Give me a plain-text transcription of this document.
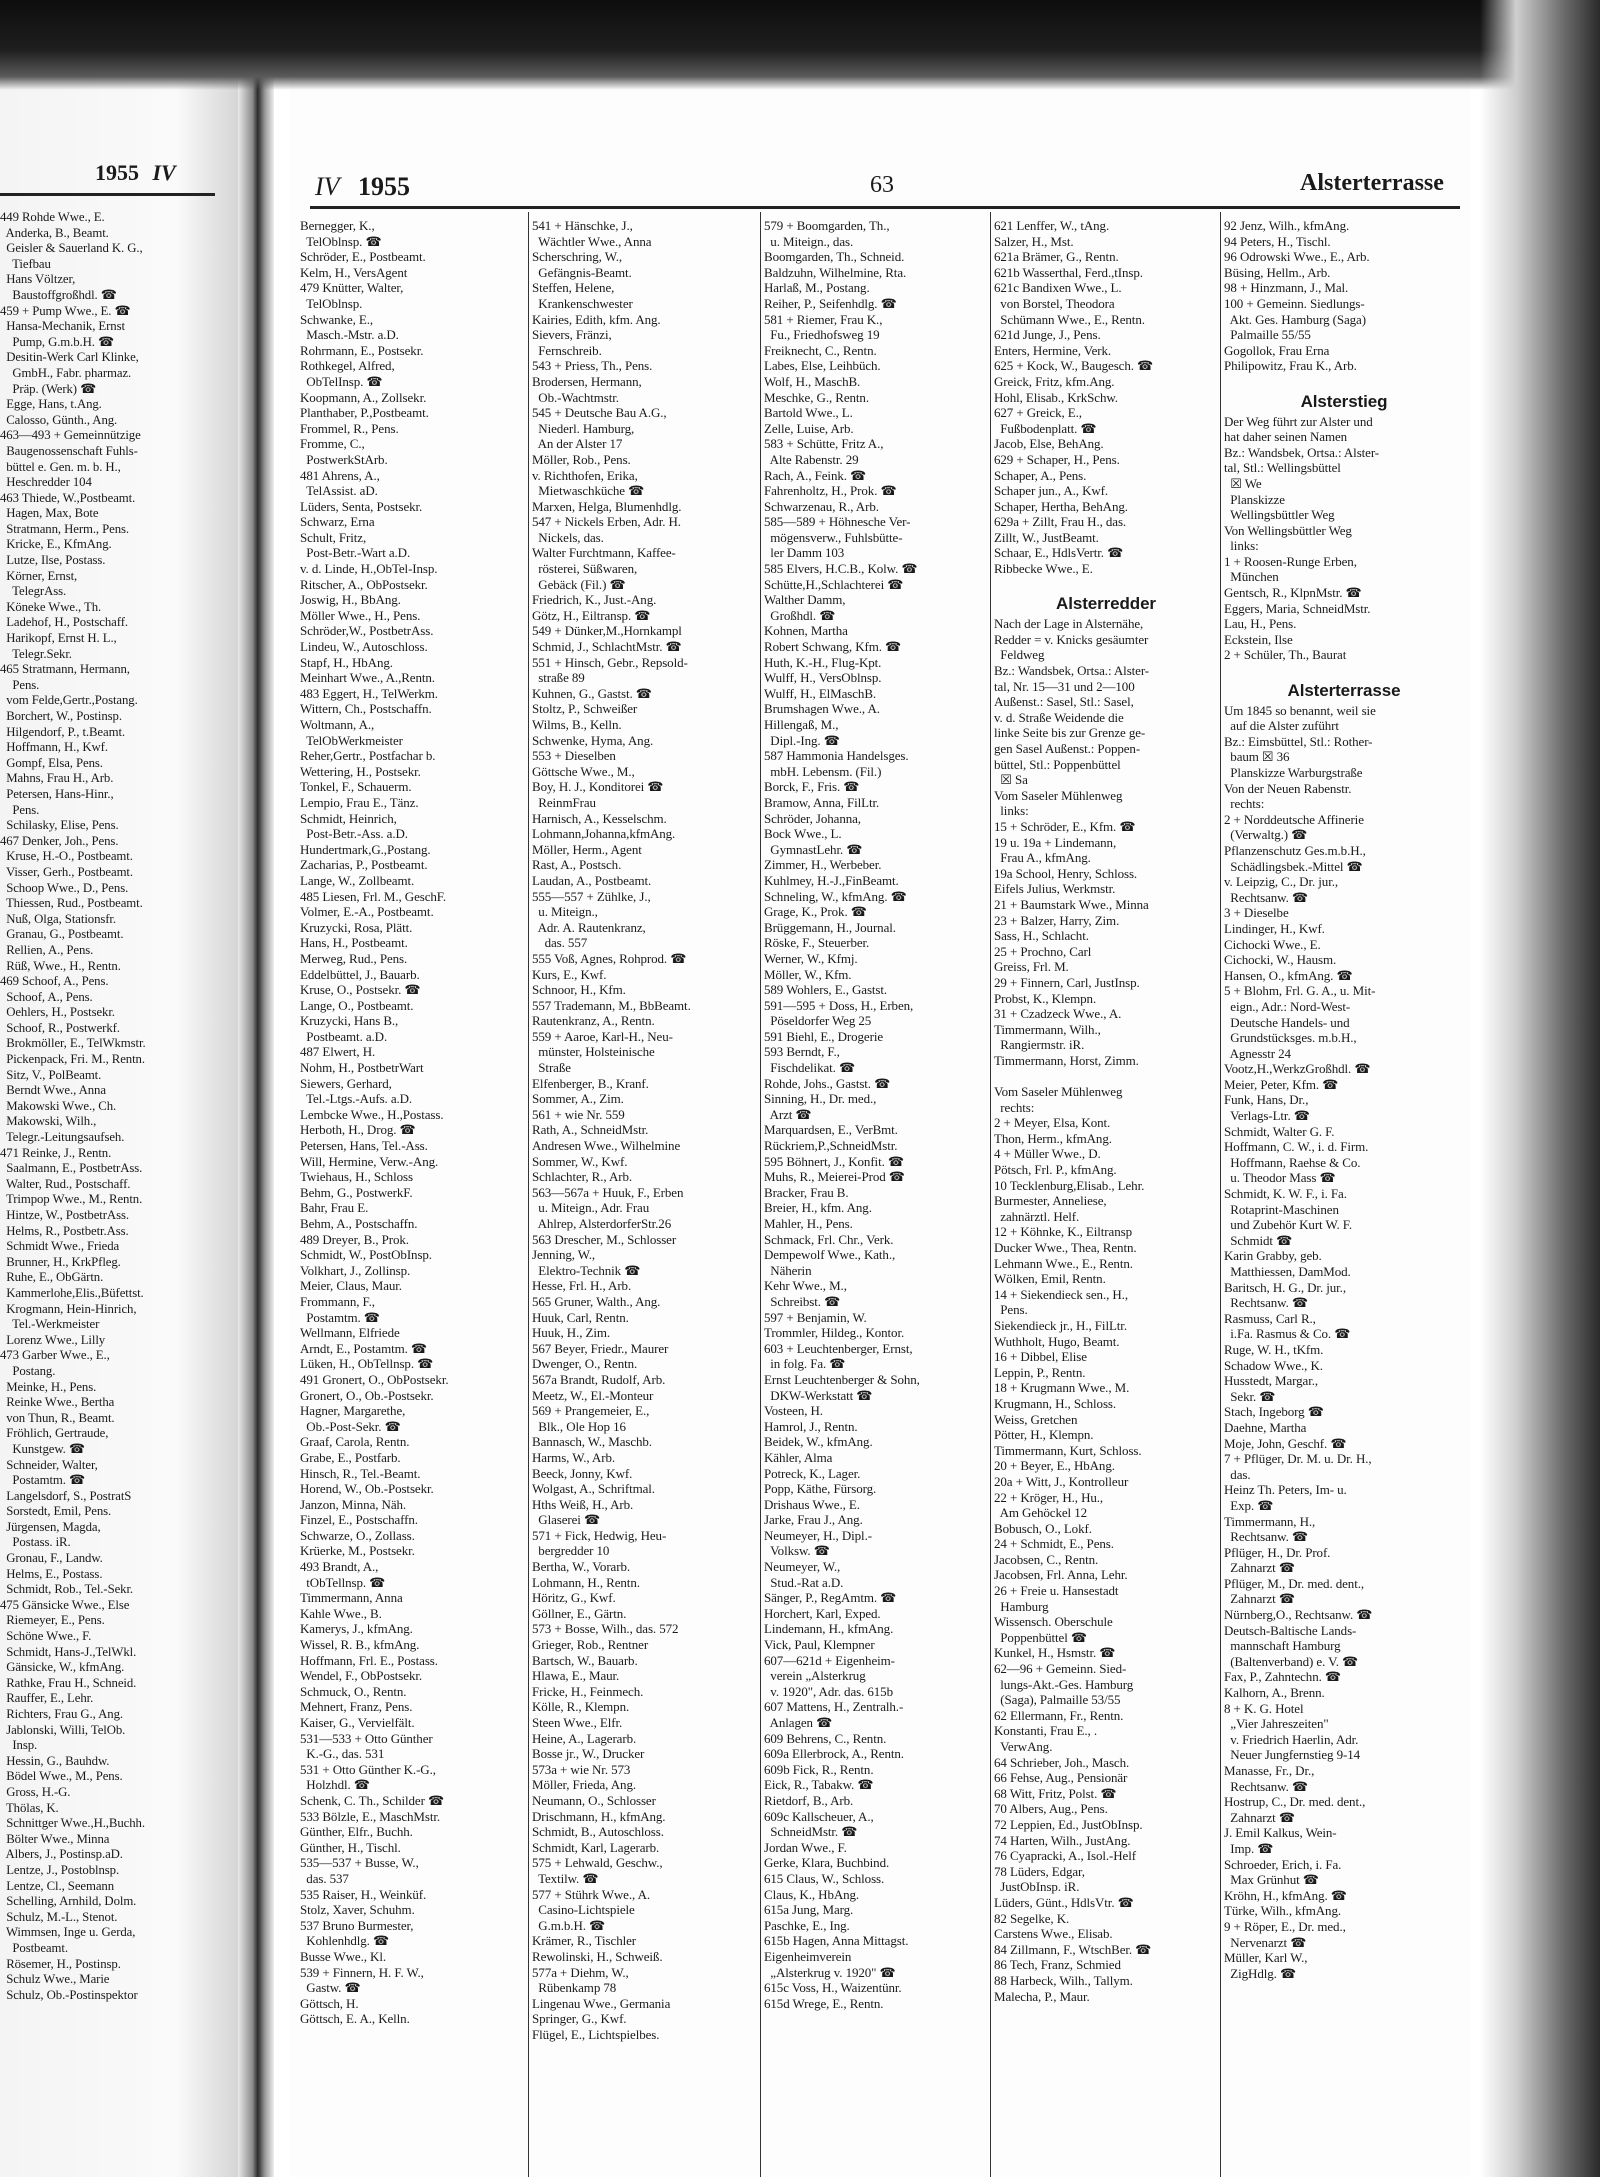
1955 IV
449 Rohde Wwe., E.
Anderka, B., Beamt.
Geisler & Sauerland K. G.,
Tiefbau
Hans Völtzer,
Baustoffgroßhdl. ☎
459 + Pump Wwe., E. ☎
Hansa-Mechanik, Ernst
Pump, G.m.b.H. ☎
Desitin-Werk Carl Klinke,
GmbH., Fabr. pharmaz.
Präp. (Werk) ☎
Egge, Hans, t.Ang.
Calosso, Günth., Ang.
463—493 + Gemeinnützige
Baugenossenschaft Fuhls-
büttel e. Gen. m. b. H.,
Heschredder 104
463 Thiede, W.,Postbeamt.
Hagen, Max, Bote
Stratmann, Herm., Pens.
Kricke, E., KfmAng.
Lutze, Ilse, Postass.
Körner, Ernst,
TelegrAss.
Köneke Wwe., Th.
Ladehof, H., Postschaff.
Harikopf, Ernst H. L.,
Telegr.Sekr.
465 Stratmann, Hermann,
Pens.
vom Felde,Gertr.,Postang.
Borchert, W., Postinsp.
Hilgendorf, P., t.Beamt.
Hoffmann, H., Kwf.
Gompf, Elsa, Pens.
Mahns, Frau H., Arb.
Petersen, Hans-Hinr.,
Pens.
Schilasky, Elise, Pens.
467 Denker, Joh., Pens.
Kruse, H.-O., Postbeamt.
Visser, Gerh., Postbeamt.
Schoop Wwe., D., Pens.
Thiessen, Rud., Postbeamt.
Nuß, Olga, Stationsfr.
Granau, G., Postbeamt.
Rellien, A., Pens.
Rüß, Wwe., H., Rentn.
469 Schoof, A., Pens.
Schoof, A., Pens.
Oehlers, H., Postsekr.
Schoof, R., Postwerkf.
Brokmöller, E., TelWkmstr.
Pickenpack, Fri. M., Rentn.
Sitz, V., PolBeamt.
Berndt Wwe., Anna
Makowski Wwe., Ch.
Makowski, Wilh.,
Telegr.-Leitungsaufseh.
471 Reinke, J., Rentn.
Saalmann, E., PostbetrAss.
Walter, Rud., Postschaff.
Trimpop Wwe., M., Rentn.
Hintze, W., PostbetrAss.
Helms, R., Postbetr.Ass.
Schmidt Wwe., Frieda
Brunner, H., KrkPfleg.
Ruhe, E., ObGärtn.
Kammerlohe,Elis.,Büfettst.
Krogmann, Hein-Hinrich,
Tel.-Werkmeister
Lorenz Wwe., Lilly
473 Garber Wwe., E.,
Postang.
Meinke, H., Pens.
Reinke Wwe., Bertha
von Thun, R., Beamt.
Fröhlich, Gertraude,
Kunstgew. ☎
Schneider, Walter,
Postamtm. ☎
Langelsdorf, S., PostratS
Sorstedt, Emil, Pens.
Jürgensen, Magda,
Postass. iR.
Gronau, F., Landw.
Helms, E., Postass.
Schmidt, Rob., Tel.-Sekr.
475 Gänsicke Wwe., Else
Riemeyer, E., Pens.
Schöne Wwe., F.
Schmidt, Hans-J.,TelWkl.
Gänsicke, W., kfmAng.
Rathke, Frau H., Schneid.
Rauffer, E., Lehr.
Richters, Frau G., Ang.
Jablonski, Willi, TelOb.
Insp.
Hessin, G., Bauhdw.
Bödel Wwe., M., Pens.
Gross, H.-G.
Thölas, K.
Schnittger Wwe.,H.,Buchh.
Bölter Wwe., Minna
Albers, J., Postinsp.aD.
Lentze, J., Postoblnsp.
Lentze, Cl., Seemann
Schelling, Arnhild, Dolm.
Schulz, M.-L., Stenot.
Wimmsen, Inge u. Gerda,
Postbeamt.
Rösemer, H., Postinsp.
Schulz Wwe., Marie
Schulz, Ob.-Postinspektor
IV 1955	63	Alsterterrasse
Bernegger, K.,
TelOblnsp. ☎
Schröder, E., Postbeamt.
Kelm, H., VersAgent
479 Knütter, Walter,
TelOblnsp.
Schwanke, E.,
Masch.-Mstr. a.D.
Rohrmann, E., Postsekr.
Rothkegel, Alfred,
ObTelInsp. ☎
Koopmann, A., Zollsekr.
Planthaber, P.,Postbeamt.
Frommel, R., Pens.
Fromme, C.,
PostwerkStArb.
481 Ahrens, A.,
TelAssist. aD.
Lüders, Senta, Postsekr.
Schwarz, Erna
Schult, Fritz,
Post-Betr.-Wart a.D.
v. d. Linde, H.,ObTel-Insp.
Ritscher, A., ObPostsekr.
Joswig, H., BbAng.
Möller Wwe., H., Pens.
Schröder,W., PostbetrAss.
Lindeu, W., Autoschloss.
Stapf, H., HbAng.
Meinhart Wwe., A.,Rentn.
483 Eggert, H., TelWerkm.
Wittern, Ch., Postschaffn.
Woltmann, A.,
TelObWerkmeister
Reher,Gertr., Postfachar b.
Wettering, H., Postsekr.
Tonkel, F., Schauerm.
Lempio, Frau E., Tänz.
Schmidt, Heinrich,
Post-Betr.-Ass. a.D.
Hundertmark,G.,Postang.
Zacharias, P., Postbeamt.
Lange, W., Zollbeamt.
485 Liesen, Frl. M., GeschF.
Volmer, E.-A., Postbeamt.
Kruzycki, Rosa, Plätt.
Hans, H., Postbeamt.
Merweg, Rud., Pens.
Eddelbüttel, J., Bauarb.
Kruse, O., Postsekr. ☎
Lange, O., Postbeamt.
Kruzycki, Hans B.,
Postbeamt. a.D.
487 Elwert, H.
Nohm, H., PostbetrWart
Siewers, Gerhard,
Tel.-Ltgs.-Aufs. a.D.
Lembcke Wwe., H.,Postass.
Herboth, H., Drog. ☎
Petersen, Hans, Tel.-Ass.
Will, Hermine, Verw.-Ang.
Twiehaus, H., Schloss
Behm, G., PostwerkF.
Bahr, Frau E.
Behm, A., Postschaffn.
489 Dreyer, B., Prok.
Schmidt, W., PostObInsp.
Volkhart, J., Zollinsp.
Meier, Claus, Maur.
Frommann, F.,
Postamtm. ☎
Wellmann, Elfriede
Arndt, E., Postamtm. ☎
Lüken, H., ObTellnsp. ☎
491 Gronert, O., ObPostsekr.
Gronert, O., Ob.-Postsekr.
Hagner, Margarethe,
Ob.-Post-Sekr. ☎
Graaf, Carola, Rentn.
Grabe, E., Postfarb.
Hinsch, R., Tel.-Beamt.
Horend, W., Ob.-Postsekr.
Janzon, Minna, Näh.
Finzel, E., Postschaffn.
Schwarze, O., Zollass.
Krüerke, M., Postsekr.
493 Brandt, A.,
tObTellnsp. ☎
Timmermann, Anna
Kahle Wwe., B.
Kamerys, J., kfmAng.
Wissel, R. B., kfmAng.
Hoffmann, Frl. E., Postass.
Wendel, F., ObPostsekr.
Schmuck, O., Rentn.
Mehnert, Franz, Pens.
Kaiser, G., Vervielfält.
531—533 + Otto Günther
K.-G., das. 531
531 + Otto Günther K.-G.,
Holzhdl. ☎
Schenk, C. Th., Schilder ☎
533 Bölzle, E., MaschMstr.
Günther, Elfr., Buchh.
Günther, H., Tischl.
535—537 + Busse, W.,
das. 537
535 Raiser, H., Weinküf.
Stolz, Xaver, Schuhm.
537 Bruno Burmester,
Kohlenhdlg. ☎
Busse Wwe., Kl.
539 + Finnern, H. F. W.,
Gastw. ☎
Göttsch, H.
Göttsch, E. A., Kelln.
541 + Hänschke, J.,
Wächtler Wwe., Anna
Scherschring, W.,
Gefängnis-Beamt.
Steffen, Helene,
Krankenschwester
Kairies, Edith, kfm. Ang.
Sievers, Fränzi,
Fernschreib.
543 + Priess, Th., Pens.
Brodersen, Hermann,
Ob.-Wachtmstr.
545 + Deutsche Bau A.G.,
Niederl. Hamburg,
An der Alster 17
Möller, Rob., Pens.
v. Richthofen, Erika,
Mietwaschküche ☎
Marxen, Helga, Blumenhdlg.
547 + Nickels Erben, Adr. H.
Nickels, das.
Walter Furchtmann, Kaffee-
rösterei, Süßwaren,
Gebäck (Fil.) ☎
Friedrich, K., Just.-Ang.
Götz, H., Eiltransp. ☎
549 + Dünker,M.,Hornkampl
Schmid, J., SchlachtMstr. ☎
551 + Hinsch, Gebr., Repsold-
straße 89
Kuhnen, G., Gastst. ☎
Stoltz, P., Schweißer
Wilms, B., Kelln.
Schwenke, Hyma, Ang.
553 + Dieselben
Göttsche Wwe., M.,
Boy, H. J., Konditorei ☎
ReinmFrau
Harnisch, A., Kesselschm.
Lohmann,Johanna,kfmAng.
Möller, Herm., Agent
Rast, A., Postsch.
Laudan, A., Postbeamt.
555—557 + Zühlke, J.,
u. Miteign.,
Adr. A. Rautenkranz,
das. 557
555 Voß, Agnes, Rohprod. ☎
Kurs, E., Kwf.
Schnoor, H., Kfm.
557 Trademann, M., BbBeamt.
Rautenkranz, A., Rentn.
559 + Aaroe, Karl-H., Neu-
münster, Holsteinische
Straße
Elfenberger, B., Kranf.
Sommer, A., Zim.
561 + wie Nr. 559
Rath, A., SchneidMstr.
Andresen Wwe., Wilhelmine
Sommer, W., Kwf.
Schlachter, R., Arb.
563—567a + Huuk, F., Erben
u. Miteign., Adr. Frau
Ahlrep, AlsterdorferStr.26
563 Drescher, M., Schlosser
Jenning, W.,
Elektro-Technik ☎
Hesse, Frl. H., Arb.
565 Gruner, Walth., Ang.
Huuk, Carl, Rentn.
Huuk, H., Zim.
567 Beyer, Friedr., Maurer
Dwenger, O., Rentn.
567a Brandt, Rudolf, Arb.
Meetz, W., El.-Monteur
569 + Prangemeier, E.,
Blk., Ole Hop 16
Bannasch, W., Maschb.
Harms, W., Arb.
Beeck, Jonny, Kwf.
Wolgast, A., Schriftmal.
Hths Weiß, H., Arb.
Glaserei ☎
571 + Fick, Hedwig, Heu-
bergredder 10
Bertha, W., Vorarb.
Lohmann, H., Rentn.
Höritz, G., Kwf.
Göllner, E., Gärtn.
573 + Bosse, Wilh., das. 572
Grieger, Rob., Rentner
Bartsch, W., Bauarb.
Hlawa, E., Maur.
Fricke, H., Feinmech.
Kölle, R., Klempn.
Steen Wwe., Elfr.
Heine, A., Lagerarb.
Bosse jr., W., Drucker
573a + wie Nr. 573
Möller, Frieda, Ang.
Neumann, O., Schlosser
Drischmann, H., kfmAng.
Schmidt, B., Autoschloss.
Schmidt, Karl, Lagerarb.
575 + Lehwald, Geschw.,
Textilw. ☎
577 + Stührk Wwe., A.
Casino-Lichtspiele
G.m.b.H. ☎
Krämer, R., Tischler
Rewolinski, H., Schweiß.
577a + Diehm, W.,
Rübenkamp 78
Lingenau Wwe., Germania
Springer, G., Kwf.
Flügel, E., Lichtspielbes.
579 + Boomgarden, Th.,
u. Miteign., das.
Boomgarden, Th., Schneid.
Baldzuhn, Wilhelmine, Rta.
Harlaß, M., Postang.
Reiher, P., Seifenhdlg. ☎
581 + Riemer, Frau K.,
Fu., Friedhofsweg 19
Freiknecht, C., Rentn.
Labes, Else, Leihbüch.
Wolf, H., MaschB.
Meschke, G., Rentn.
Bartold Wwe., L.
Zelle, Luise, Arb.
583 + Schütte, Fritz A.,
Alte Rabenstr. 29
Rach, A., Feink. ☎
Fahrenholtz, H., Prok. ☎
Schwarzenau, R., Arb.
585—589 + Höhnesche Ver-
mögensverw., Fuhlsbütte-
ler Damm 103
585 Elvers, H.C.B., Kolw. ☎
Schütte,H.,Schlachterei ☎
Walther Damm,
Großhdl. ☎
Kohnen, Martha
Robert Schwang, Kfm. ☎
Huth, K.-H., Flug-Kpt.
Wulff, H., VersOblnsp.
Wulff, H., ElMaschB.
Brumshagen Wwe., A.
Hillengaß, M.,
Dipl.-Ing. ☎
587 Hammonia Handelsges.
mbH. Lebensm. (Fil.)
Borck, F., Fris. ☎
Bramow, Anna, FilLtr.
Schröder, Johanna,
Bock Wwe., L.
GymnastLehr. ☎
Zimmer, H., Werbeber.
Kuhlmey, H.-J.,FinBeamt.
Schneling, W., kfmAng. ☎
Grage, K., Prok. ☎
Brüggemann, H., Journal.
Röske, F., Steuerber.
Werner, W., Kfmj.
Möller, W., Kfm.
589 Wohlers, E., Gastst.
591—595 + Doss, H., Erben,
Pöseldorfer Weg 25
591 Biehl, E., Drogerie
593 Berndt, F.,
Fischdelikat. ☎
Rohde, Johs., Gastst. ☎
Sinning, H., Dr. med.,
Arzt ☎
Marquardsen, E., VerBmt.
Rückriem,P.,SchneidMstr.
595 Böhnert, J., Konfit. ☎
Muhs, R., Meierei-Prod ☎
Bracker, Frau B.
Breier, H., kfm. Ang.
Mahler, H., Pens.
Schmack, Frl. Chr., Verk.
Dempewolf Wwe., Kath.,
Näherin
Kehr Wwe., M.,
Schreibst. ☎
597 + Benjamin, W.
Trommler, Hildeg., Kontor.
603 + Leuchtenberger, Ernst,
in folg. Fa. ☎
Ernst Leuchtenberger & Sohn,
DKW-Werkstatt ☎
Vosteen, H.
Hamrol, J., Rentn.
Beidek, W., kfmAng.
Kähler, Alma
Potreck, K., Lager.
Popp, Käthe, Fürsorg.
Drishaus Wwe., E.
Jarke, Frau J., Ang.
Neumeyer, H., Dipl.-
Volksw. ☎
Neumeyer, W.,
Stud.-Rat a.D.
Sänger, P., RegAmtm. ☎
Horchert, Karl, Exped.
Lindemann, H., kfmAng.
Vick, Paul, Klempner
607—621d + Eigenheim-
verein „Alsterkrug
v. 1920", Adr. das. 615b
607 Mattens, H., Zentralh.-
Anlagen ☎
609 Behrens, C., Rentn.
609a Ellerbrock, A., Rentn.
609b Fick, R., Rentn.
Eick, R., Tabakw. ☎
Rietdorf, B., Arb.
609c Kallscheuer, A.,
SchneidMstr. ☎
Jordan Wwe., F.
Gerke, Klara, Buchbind.
615 Claus, W., Schloss.
Claus, K., HbAng.
615a Jung, Marg.
Paschke, E., Ing.
615b Hagen, Anna Mittagst.
Eigenheimverein
„Alsterkrug v. 1920" ☎
615c Voss, H., Waizentünr.
615d Wrege, E., Rentn.
621 Lenffer, W., tAng.
Salzer, H., Mst.
621a Brämer, G., Rentn.
621b Wasserthal, Ferd.,tInsp.
621c Bandixen Wwe., L.
von Borstel, Theodora
Schümann Wwe., E., Rentn.
621d Junge, J., Pens.
Enters, Hermine, Verk.
625 + Kock, W., Baugesch. ☎
Greick, Fritz, kfm.Ang.
Hohl, Elisab., KrkSchw.
627 + Greick, E.,
Fußbodenplatt. ☎
Jacob, Else, BehAng.
629 + Schaper, H., Pens.
Schaper, A., Pens.
Schaper jun., A., Kwf.
Schaper, Hertha, BehAng.
629a + Zillt, Frau H., das.
Zillt, W., JustBeamt.
Schaar, E., HdlsVertr. ☎
Ribbecke Wwe., E.
Alsterredder
Nach der Lage in Alsternähe,
Redder = v. Knicks gesäumter
Feldweg
Bz.: Wandsbek, Ortsa.: Alster-
tal, Nr. 15—31 und 2—100
Außenst.: Sasel, Stl.: Sasel,
v. d. Straße Weidende die
linke Seite bis zur Grenze ge-
gen Sasel Außenst.: Poppen-
büttel, Stl.: Poppenbüttel
☒ Sa
Vom Saseler Mühlenweg
links:
15 + Schröder, E., Kfm. ☎
19 u. 19a + Lindemann,
Frau A., kfmAng.
19a School, Henry, Schloss.
Eifels Julius, Werkmstr.
21 + Baumstark Wwe., Minna
23 + Balzer, Harry, Zim.
Sass, H., Schlacht.
25 + Prochno, Carl
Greiss, Frl. M.
29 + Finnern, Carl, JustInsp.
Probst, K., Klempn.
31 + Czadzeck Wwe., A.
Timmermann, Wilh.,
Rangiermstr. iR.
Timmermann, Horst, Zimm.
Vom Saseler Mühlenweg
rechts:
2 + Meyer, Elsa, Kont.
Thon, Herm., kfmAng.
4 + Müller Wwe., D.
Pötsch, Frl. P., kfmAng.
10 Tecklenburg,Elisab., Lehr.
Burmester, Anneliese,
zahnärztl. Helf.
12 + Köhnke, K., Eiltransp
Ducker Wwe., Thea, Rentn.
Lehmann Wwe., E., Rentn.
Wölken, Emil, Rentn.
14 + Siekendieck sen., H.,
Pens.
Siekendieck jr., H., FilLtr.
Wuthholt, Hugo, Beamt.
16 + Dibbel, Elise
Leppin, P., Rentn.
18 + Krugmann Wwe., M.
Krugmann, H., Schloss.
Weiss, Gretchen
Pötter, H., Klempn.
Timmermann, Kurt, Schloss.
20 + Beyer, E., HbAng.
20a + Witt, J., Kontrolleur
22 + Kröger, H., Hu.,
Am Gehöckel 12
Bobusch, O., Lokf.
24 + Schmidt, E., Pens.
Jacobsen, C., Rentn.
Jacobsen, Frl. Anna, Lehr.
26 + Freie u. Hansestadt
Hamburg
Wissensch. Oberschule
Poppenbüttel ☎
Kunkel, H., Hsmstr. ☎
62—96 + Gemeinn. Sied-
lungs-Akt.-Ges. Hamburg
(Saga), Palmaille 53/55
62 Ellermann, Fr., Rentn.
Konstanti, Frau E., .
VerwAng.
64 Schrieber, Joh., Masch.
66 Fehse, Aug., Pensionär
68 Witt, Fritz, Polst. ☎
70 Albers, Aug., Pens.
72 Leppien, Ed., JustObInsp.
74 Harten, Wilh., JustAng.
76 Cyapracki, A., Isol.-Helf
78 Lüders, Edgar,
JustObInsp. iR.
Lüders, Günt., HdlsVtr. ☎
82 Segelke, K.
Carstens Wwe., Elisab.
84 Zillmann, F., WtschBer. ☎
86 Tech, Franz, Schmied
88 Harbeck, Wilh., Tallym.
Malecha, P., Maur.
92 Jenz, Wilh., kfmAng.
94 Peters, H., Tischl.
96 Odrowski Wwe., E., Arb.
Büsing, Hellm., Arb.
98 + Hinzmann, J., Mal.
100 + Gemeinn. Siedlungs-
Akt. Ges. Hamburg (Saga)
Palmaille 55/55
Gogollok, Frau Erna
Philipowitz, Frau K., Arb.
Alsterstieg
Der Weg führt zur Alster und
hat daher seinen Namen
Bz.: Wandsbek, Ortsa.: Alster-
tal, Stl.: Wellingsbüttel
☒ We
Planskizze
Wellingsbüttler Weg
Von Wellingsbüttler Weg
links:
1 + Roosen-Runge Erben,
München
Gentsch, R., KlpnMstr. ☎
Eggers, Maria, SchneidMstr.
Lau, H., Pens.
Eckstein, Ilse
2 + Schüler, Th., Baurat
Alsterterrasse
Um 1845 so benannt, weil sie
auf die Alster zuführt
Bz.: Eimsbüttel, Stl.: Rother-
baum ☒ 36
Planskizze Warburgstraße
Von der Neuen Rabenstr.
rechts:
2 + Norddeutsche Affinerie
(Verwaltg.) ☎
Pflanzenschutz Ges.m.b.H.,
Schädlingsbek.-Mittel ☎
v. Leipzig, C., Dr. jur.,
Rechtsanw. ☎
3 + Dieselbe
Lindinger, H., Kwf.
Cichocki Wwe., E.
Cichocki, W., Hausm.
Hansen, O., kfmAng. ☎
5 + Blohm, Frl. G. A., u. Mit-
eign., Adr.: Nord-West-
Deutsche Handels- und
Grundstücksges. m.b.H.,
Agnesstr 24
Vootz,H.,WerkzGroßhdl. ☎
Meier, Peter, Kfm. ☎
Funk, Hans, Dr.,
Verlags-Ltr. ☎
Schmidt, Walter G. F.
Hoffmann, C. W., i. d. Firm.
Hoffmann, Raehse & Co.
u. Theodor Mass ☎
Schmidt, K. W. F., i. Fa.
Rotaprint-Maschinen
und Zubehör Kurt W. F.
Schmidt ☎
Karin Grabby, geb.
Matthiessen, DamMod.
Baritsch, H. G., Dr. jur.,
Rechtsanw. ☎
Rasmuss, Carl R.,
i.Fa. Rasmus & Co. ☎
Ruge, W. H., tKfm.
Schadow Wwe., K.
Husstedt, Margar.,
Sekr. ☎
Stach, Ingeborg ☎
Daehne, Martha
Moje, John, Geschf. ☎
7 + Pflüger, Dr. M. u. Dr. H.,
das.
Heinz Th. Peters, Im- u.
Exp. ☎
Timmermann, H.,
Rechtsanw. ☎
Pflüger, H., Dr. Prof.
Zahnarzt ☎
Pflüger, M., Dr. med. dent.,
Zahnarzt ☎
Nürnberg,O., Rechtsanw. ☎
Deutsch-Baltische Lands-
mannschaft Hamburg
(Baltenverband) e. V. ☎
Fax, P., Zahntechn. ☎
Kalhorn, A., Brenn.
8 + K. G. Hotel
„Vier Jahreszeiten"
v. Friedrich Haerlin, Adr.
Neuer Jungfernstieg 9-14
Manasse, Fr., Dr.,
Rechtsanw. ☎
Hostrup, C., Dr. med. dent.,
Zahnarzt ☎
J. Emil Kalkus, Wein-
Imp. ☎
Schroeder, Erich, i. Fa.
Max Grünhut ☎
Kröhn, H., kfmAng. ☎
Türke, Wilh., kfmAng.
9 + Röper, E., Dr. med.,
Nervenarzt ☎
Müller, Karl W.,
ZigHdlg. ☎
